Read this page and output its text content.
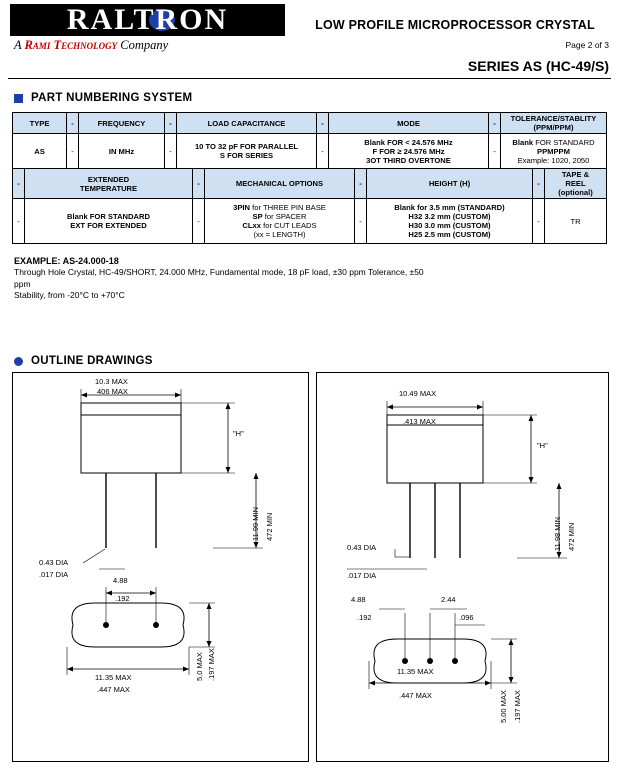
RALTRON
A Rami Technology Company
LOW PROFILE MICROPROCESSOR CRYSTAL
Page 2 of 3
SERIES AS (HC-49/S)
PART NUMBERING SYSTEM
TYPE	-	FREQUENCY	-	LOAD CAPACITANCE	-	MODE	-	TOLERANCE/STABLITY
(PPM/PPM)

AS	-	IN MHz	-	10 TO 32 pF FOR PARALLEL
S FOR SERIES	-	Blank FOR < 24.576 MHz
F FOR ≥ 24.576 MHz
3OT THIRD OVERTONE	-	Blank FOR STANDARD
PPMPPM
Example: 1020, 2050
-	EXTENDED
TEMPERATURE	-	MECHANICAL OPTIONS	-	HEIGHT (H)	-	TAPE &
REEL
(optional)

-	Blank FOR STANDARD
EXT FOR EXTENDED	-	3PIN for THREE PIN BASE
SP for SPACER
CLxx for CUT LEADS
(xx = LENGTH)	-	Blank for 3.5 mm (STANDARD)
H32 3.2 mm (CUSTOM)
H30 3.0 mm (CUSTOM)
H25 2.5 mm (CUSTOM)	-	TR
EXAMPLE: AS-24.000-18
Through Hole Crystal, HC-49/SHORT, 24.000 MHz, Fundamental mode, 18 pF load, ±30 ppm Tolerance, ±50 ppm
Stability, from -20°C to +70°C
OUTLINE DRAWINGS
10.3 MAX
406 MAX
"H"
11.99 MIN 472 MIN
0.43 DIA
.017 DIA
4.88
.192
11.35 MAX
.447 MAX
5.0 MAX .197 MAX
10.49 MAX
.413 MAX
"H"
11.98 MIN 472 MIN
0.43 DIA
.017 DIA
4.88
.192
2.44
.096
11.35 MAX
.447 MAX	5.00 MAX .197 MAX
